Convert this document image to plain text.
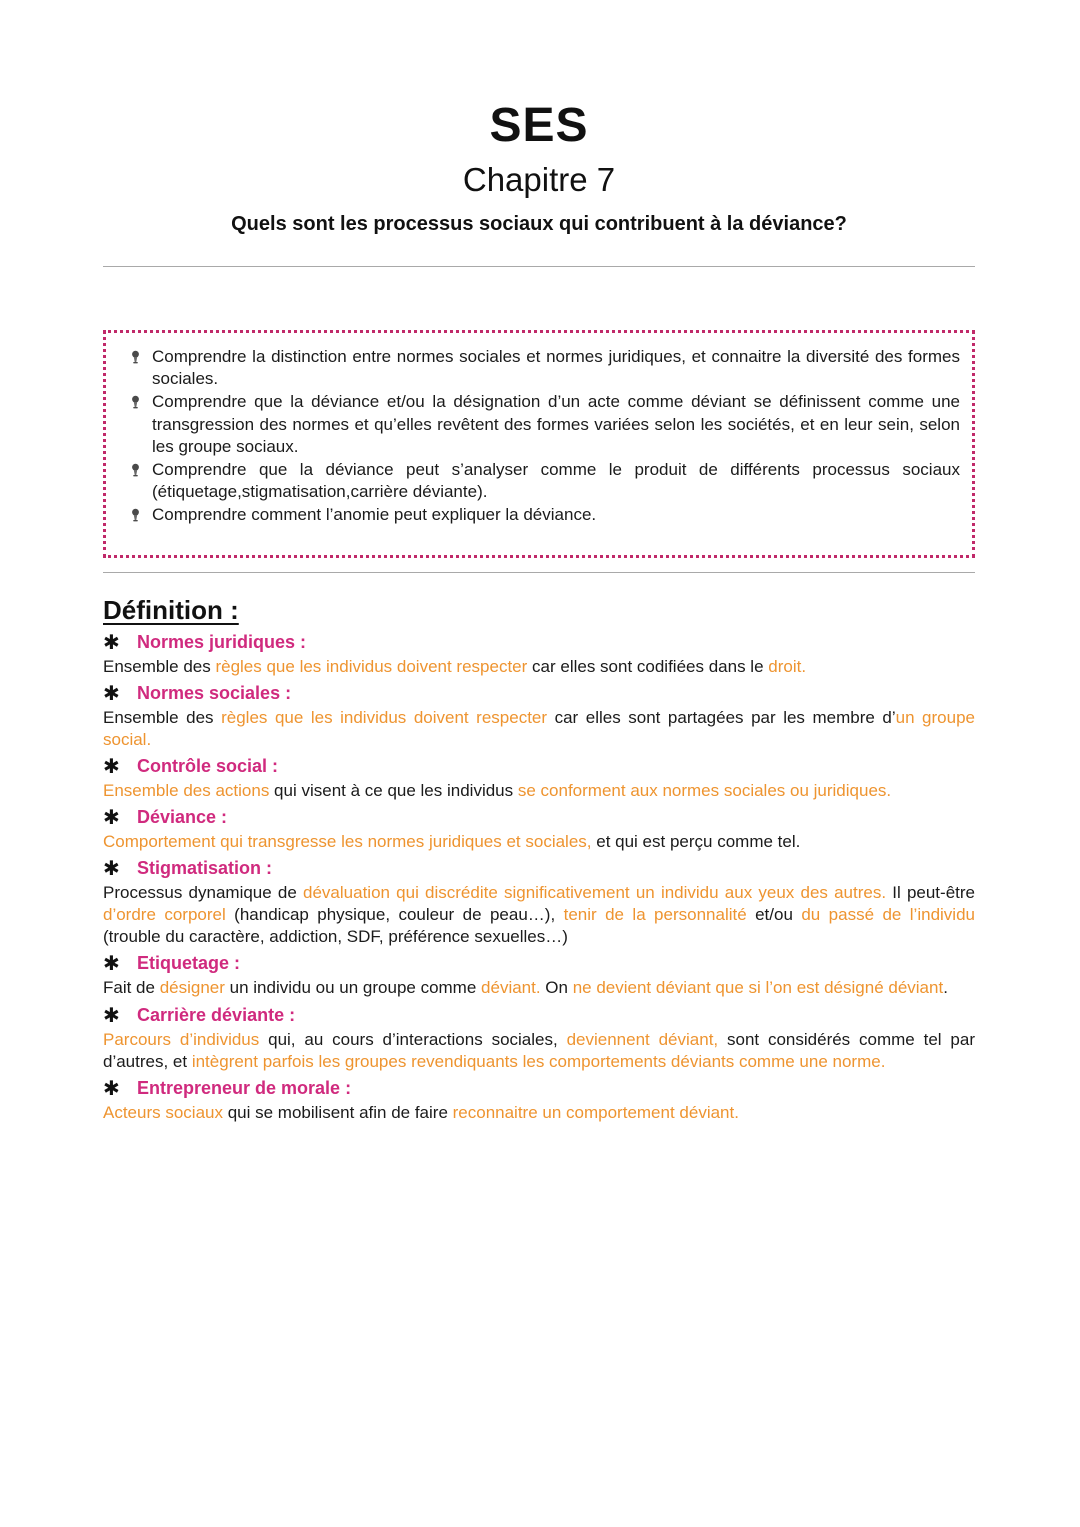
SES
Chapitre 7
Quels sont les processus sociaux qui contribuent à la déviance?
Comprendre la distinction entre normes sociales et normes juridiques, et connaitre la diversité des formes sociales.
Comprendre que la déviance et/ou la désignation d’un acte comme déviant se définissent comme une transgression des normes et qu’elles revêtent des formes variées selon les sociétés, et en leur sein, selon les groupe sociaux.
Comprendre que la déviance peut s’analyser comme le produit de différents processus sociaux (étiquetage,stigmatisation,carrière déviante).
Comprendre comment l’anomie peut expliquer la déviance.
Définition :
✱ Normes juridiques :

Ensemble des règles que les individus doivent respecter car elles sont codifiées dans le droit.

✱ Normes sociales :

Ensemble des règles que les individus doivent respecter car elles sont partagées par les membre d’un groupe social.

✱ Contrôle social :

Ensemble des actions qui visent à ce que les individus se conforment aux normes sociales ou juridiques.

✱ Déviance :

Comportement qui transgresse les normes juridiques et sociales, et qui est perçu comme tel.

✱ Stigmatisation :

Processus dynamique de dévaluation qui discrédite significativement un individu aux yeux des autres. Il peut-être d’ordre corporel (handicap physique, couleur de peau…), tenir de la personnalité et/ou du passé de l’individu (trouble du caractère, addiction, SDF, préférence sexuelles…)

✱ Etiquetage :

Fait de désigner un individu ou un groupe comme déviant. On ne devient déviant que si l’on est désigné déviant.

✱ Carrière déviante :

Parcours d’individus qui, au cours d’interactions sociales, deviennent déviant, sont considérés comme tel par d’autres, et intègrent parfois les groupes revendiquants les comportements déviants comme une norme.

✱ Entrepreneur de morale :

Acteurs sociaux qui se mobilisent afin de faire reconnaitre un comportement déviant.
